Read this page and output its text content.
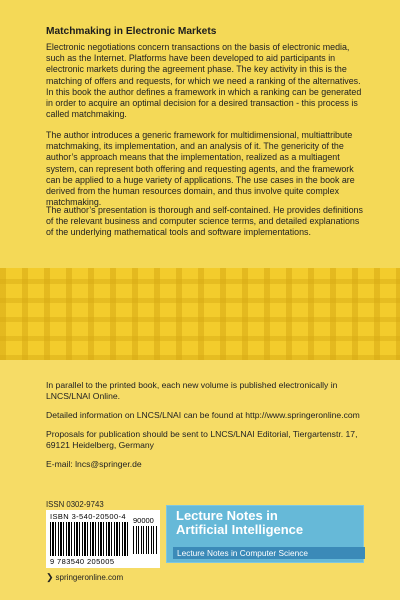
Matchmaking in Electronic Markets

Electronic negotiations concern transactions on the basis of electronic media, such as the Internet. Platforms have been developed to aid participants in electronic markets during the agreement phase. The key activity in this is the matching of offers and requests, for which we need a ranking of the alternatives. In this book the author defines a framework in which a ranking can be generated in order to acquire an optimal decision for a desired transaction - this process is called matchmaking.

The author introduces a generic framework for multidimensional, multiattribute matchmaking, its implementation, and an analysis of it. The genericity of the author’s approach means that the implementation, realized as a multiagent system, can represent both offering and requesting agents, and the framework can be applied to a huge variety of applications. The use cases in the book are derived from the human resources domain, and thus involve quite complex matchmaking.

The author’s presentation is thorough and self-contained. He provides definitions of the relevant business and computer science terms, and detailed explanations of the underlying mathematical tools and software implementations.

In parallel to the printed book, each new volume is published electronically in LNCS/LNAI Online.

Detailed information on LNCS/LNAI can be found at http://www.springeronline.com

Proposals for publication should be sent to LNCS/LNAI Editorial, Tiergartenstr. 17, 69121 Heidelberg, Germany

E-mail: lncs@springer.de

ISSN 0302-9743
ISBN 3-540-20500-4 90000
9 783540 205005
❯ springeronline.com
Lecture Notes in
Artificial Intelligence
Lecture Notes in Computer Science
